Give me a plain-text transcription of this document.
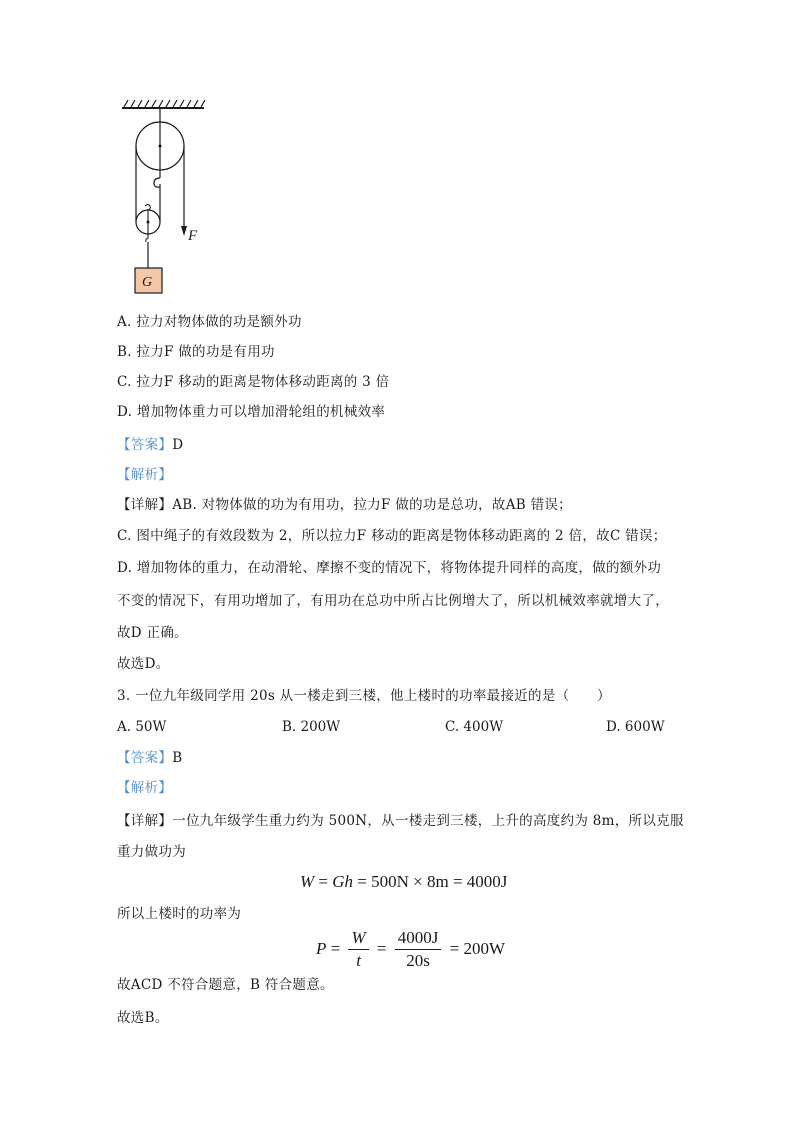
F
G
A. 拉力对物体做的功是额外功
B. 拉力F 做的功是有用功
C. 拉力F 移动的距离是物体移动距离的 3 倍
D. 增加物体重力可以增加滑轮组的机械效率
【答案】D
【解析】
【详解】AB. 对物体做的功为有用功，拉力F 做的功是总功，故AB 错误；
C. 图中绳子的有效段数为 2，所以拉力F 移动的距离是物体移动距离的 2 倍，故C 错误；
D. 增加物体的重力，在动滑轮、摩擦不变的情况下，将物体提升同样的高度，做的额外功
不变的情况下，有用功增加了，有用功在总功中所占比例增大了，所以机械效率就增大了，
故D 正确。
故选D。
3. 一位九年级同学用 20s 从一楼走到三楼，他上楼时的功率最接近的是（　　）
A. 50W	B. 200W	C. 400W	D. 600W
【答案】B
【解析】
【详解】一位九年级学生重力约为 500N，从一楼走到三楼，上升的高度约为 8m，所以克服
重力做功为
W = Gh = 500N × 8m = 4000J
所以上楼时的功率为
$P = \frac{W}{t} = \frac{4000J}{20s} = 200W$
故ACD 不符合题意，B 符合题意。
故选B。
